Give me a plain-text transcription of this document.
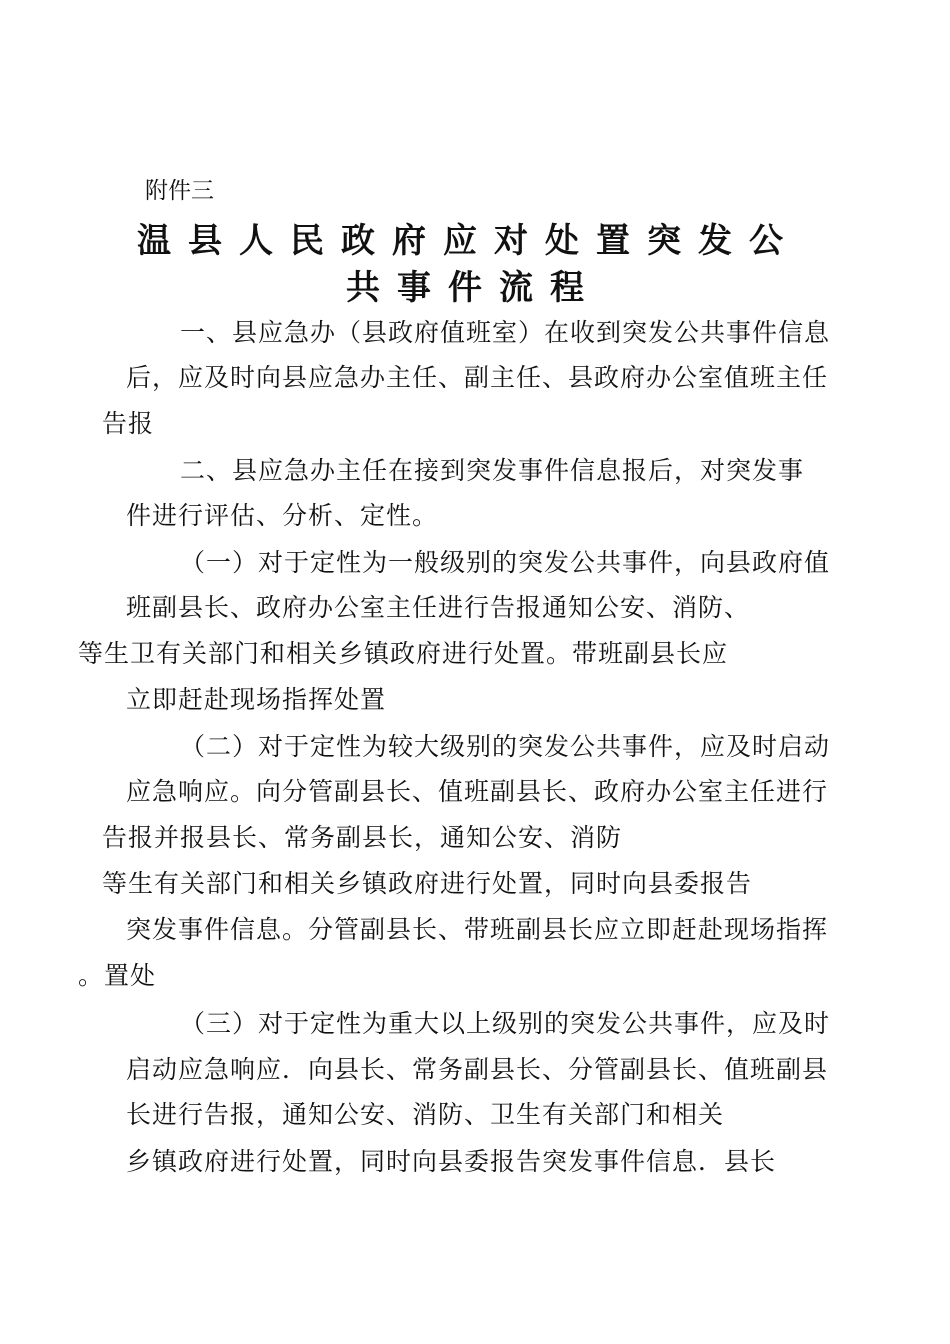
附件三
温县人民政府应对处置突发公
共事件流程
一、县应急办（县政府值班室）在收到突发公共事件信息
后，应及时向县应急办主任、副主任、县政府办公室值班主任
告报
二、县应急办主任在接到突发事件信息报后，对突发事
件进行评估、分析、定性。
（一）对于定性为一般级别的突发公共事件，向县政府值
班副县长、政府办公室主任进行告报通知公安、消防、
等生卫有关部门和相关乡镇政府进行处置。带班副县长应
立即赶赴现场指挥处置
（二）对于定性为较大级别的突发公共事件，应及时启动
应急响应。向分管副县长、值班副县长、政府办公室主任进行
告报并报县长、常务副县长，通知公安、消防
等生有关部门和相关乡镇政府进行处置，同时向县委报告
突发事件信息。分管副县长、带班副县长应立即赶赴现场指挥
。置处
（三）对于定性为重大以上级别的突发公共事件，应及时
启动应急响应．向县长、常务副县长、分管副县长、值班副县
长进行告报，通知公安、消防、卫生有关部门和相关
乡镇政府进行处置，同时向县委报告突发事件信息．县长
